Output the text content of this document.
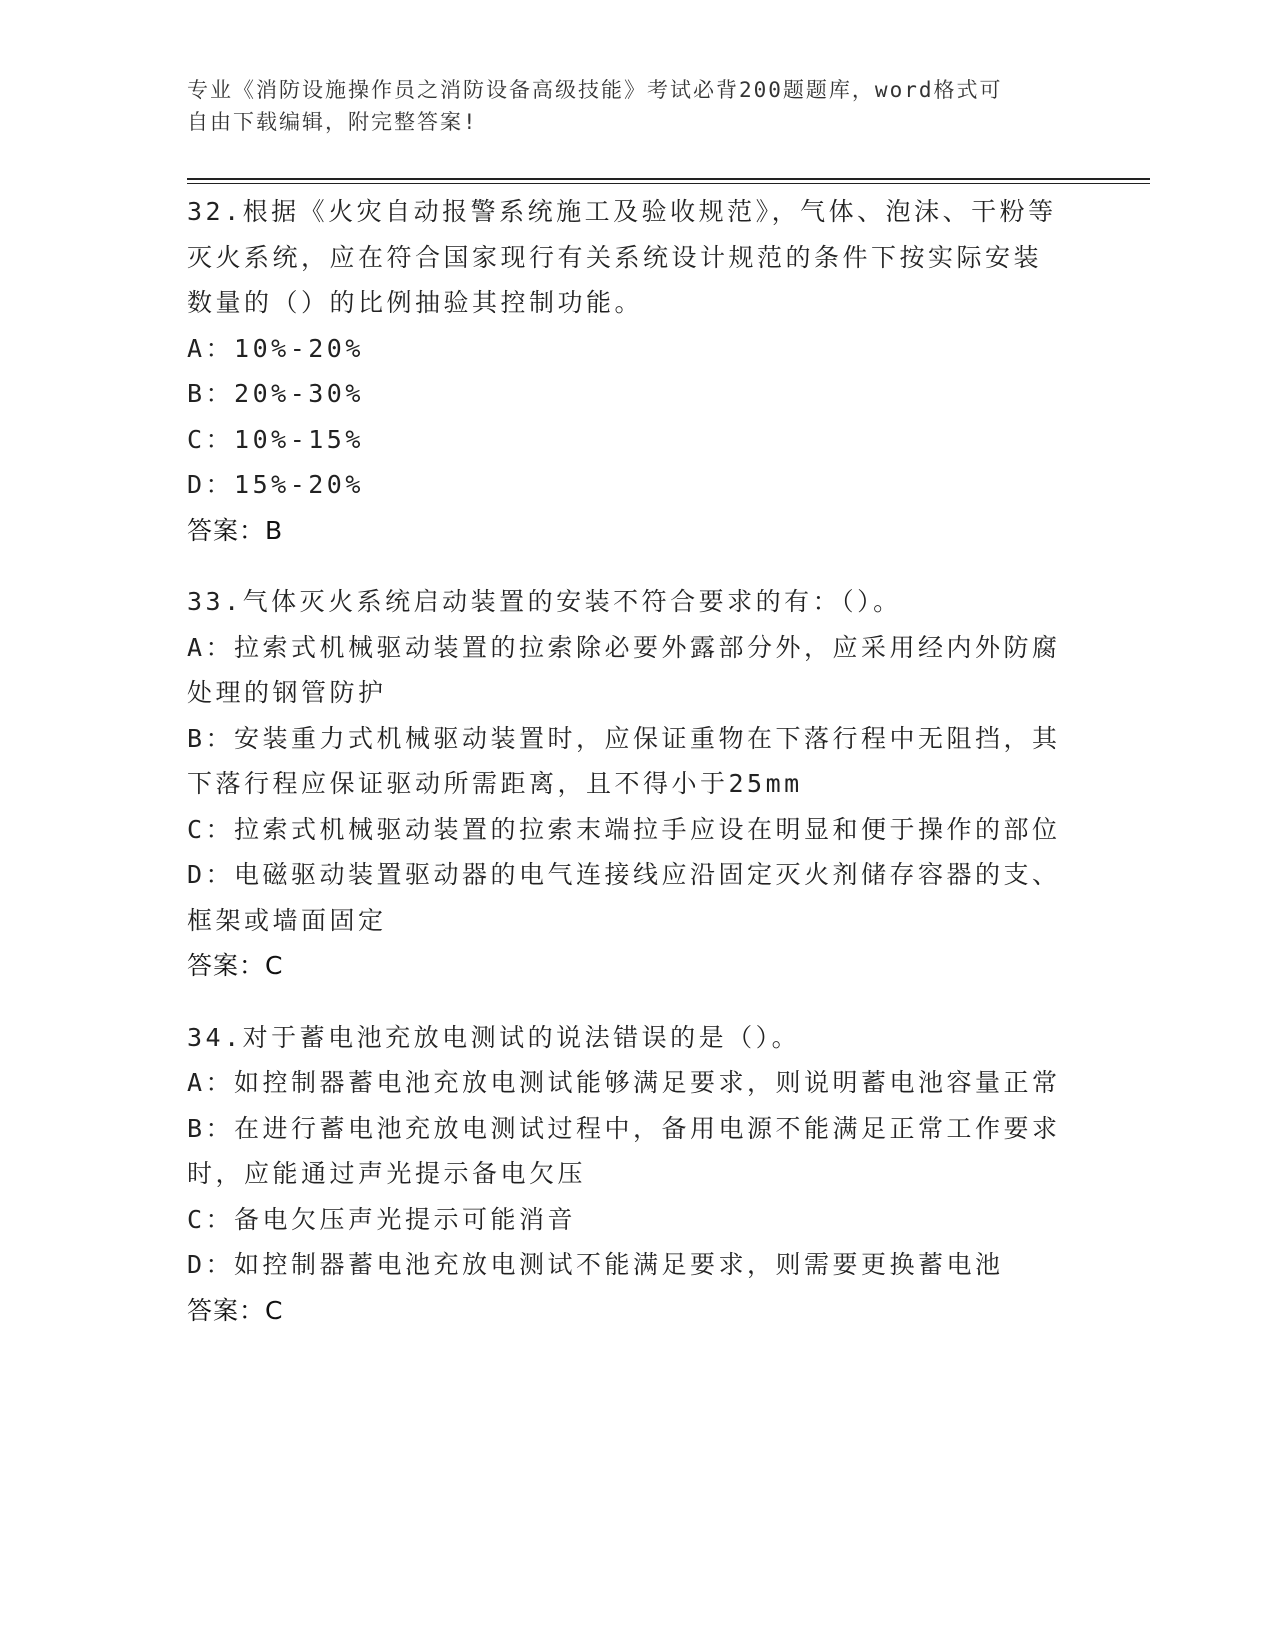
专业《消防设施操作员之消防设备高级技能》考试必背200题题库，word格式可
自由下载编辑，附完整答案!
32.根据《火灾自动报警系统施工及验收规范》，气体、泡沫、干粉等
灭火系统，应在符合国家现行有关系统设计规范的条件下按实际安装
数量的（）的比例抽验其控制功能。
A：10%-20%
B：20%-30%
C：10%-15%
D：15%-20%
答案：B
33.气体灭火系统启动装置的安装不符合要求的有：（）。
A：拉索式机械驱动装置的拉索除必要外露部分外，应采用经内外防腐
处理的钢管防护
B：安装重力式机械驱动装置时，应保证重物在下落行程中无阻挡，其
下落行程应保证驱动所需距离，且不得小于25mm
C：拉索式机械驱动装置的拉索末端拉手应设在明显和便于操作的部位
D：电磁驱动装置驱动器的电气连接线应沿固定灭火剂储存容器的支、
框架或墙面固定
答案：C
34.对于蓄电池充放电测试的说法错误的是（）。
A：如控制器蓄电池充放电测试能够满足要求，则说明蓄电池容量正常
B：在进行蓄电池充放电测试过程中，备用电源不能满足正常工作要求
时，应能通过声光提示备电欠压
C：备电欠压声光提示可能消音
D：如控制器蓄电池充放电测试不能满足要求，则需要更换蓄电池
答案：C
